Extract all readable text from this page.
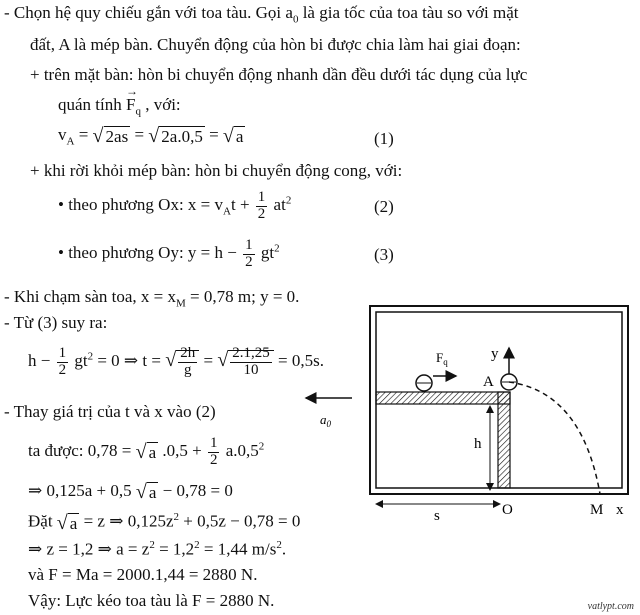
- Chọn hệ quy chiếu gắn với toa tàu. Gọi $a_0$ là gia tốc của toa tàu so với mặt
đất, A là mép bàn. Chuyển động của hòn bi được chia làm hai giai đoạn:
+ trên mặt bàn: hòn bi chuyển động nhanh dần đều dưới tác dụng của lực
quán tính → $F_q$ , với:
$v_A$ = √ 2as = √ 2a.0,5 = √ a	(1)
+ khi rời khỏi mép bàn: hòn bi chuyển động cong, với:
• theo phương Ox: $x = v_At + \frac{1}{2} at^2$	(2)
• theo phương Oy: $y = h - \frac{1}{2} gt^2$	(3)
- Khi chạm sàn toa, $x = x_M = 0,78$ m; y = 0.
- Từ (3) suy ra:
$h - \frac{1}{2} gt^2 = 0$ ⇒ t = √ $\frac{2h}{g}$ = √ $\frac{2.1,25}{10} = 0,5s$.
- Thay giá trị của t và x vào (2)
ta được: 0,78 = √ a $.0,5 + \frac{1}{2} a.0,5^2$
⇒ 0,125a + 0,5 √ a − 0,78 = 0
Đặt √ a = z ⇒ $0,125z^2 + 0,5z - 0,78 = 0$
⇒ z = 1,2 ⇒ $a = z^2 = 1,2^2 = 1,44$ $m/s^2$.
và F = Ma = 2000.1,44 = 2880 N.
Vậy: Lực kéo toa tàu là F = 2880 N.
$F_q$	y
A
$a_0$
h
s	O	M x
vatlypt.com
